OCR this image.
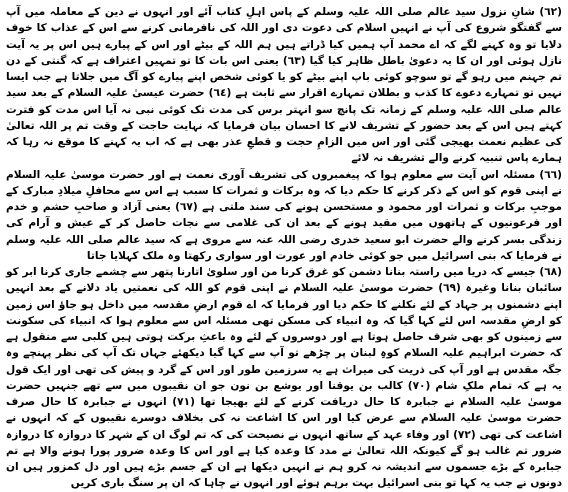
(٦٢) شانِ نزول سید عالم صلی اللہ علیہ وسلم کے پاس اہلِ کتاب آئے اور انہوں نے دین کے معاملہ میں آپ سے گفتگو شروع کی آپ نے انہیں اسلام کی دعوت دی اور اللہ کی نافرمانی کرنے سے اس کے عذاب کا خوف دلایا تو وہ کہنے لگے کہ اے محمد آپ ہمیں کیا ڈراتے ہیں ہم اللہ کے بیٹے اور اس کے پیارے ہیں اس پر یہ آیت نازل ہوئی اور ان کا یہ دعویٰ باطل ظاہر کیا گیا (٦٣) یعنی اس بات کا تو تمہیں اعتراف ہے کہ گنتی کے دن تم جہنم میں رہو گے تو سوچو کوئی باپ اپنے بیٹے کو یا کوئی شخص اپنے پیارے کو آگ میں جلاتا ہے جب ایسا نہیں تو تمہارے دعوے کا کذب و بطلان تمہارے اقرار سے ثابت ہے (٦٤) حضرت عیسیٰ علیہ السلام کے بعد سید عالم صلی اللہ علیہ وسلم کے زمانہ تک پانچ سو انہتر برس کی مدت تک کوئی نبی نہ آیا اس مدت کو فترت کہتے ہیں اس کے بعد حضور کے تشریف لانے کا احسان بیان فرمایا کہ نہایت حاجت کے وقت تم پر اللہ تعالیٰ کی عظیم نعمت بھیجی گئی اور اس میں الزامِ حجت و قطعِ عذر بھی ہے کہ اب یہ کہنے کا موقع نہ رہا کہ ہمارے پاس تنبیہ کرنے والے تشریف نہ لائے

(٦٦) مسئلہ اس آیت سے معلوم ہوا کہ پیغمبروں کی تشریف آوری نعمت ہے اور حضرت موسیٰ علیہ السلام نے اپنی قوم کو اس کے ذکر کرنے کا حکم دیا کہ وہ برکات و ثمرات کا سبب ہے اس سے محافلِ میلادِ مبارک کے موجبِ برکات و ثمرات اور محمود و مستحسن ہونے کی سند ملتی ہے (٦٧) یعنی آزاد و صاحبِ حشم و خدم اور فرعونیوں کے ہاتھوں میں مقید ہونے کے بعد ان کی غلامی سے نجات حاصل کر کے عیش و آرام کی زندگی بسر کرنے والے حضرت ابو سعید خدری رضی اللہ عنہ سے مروی ہے کہ سید عالم صلی اللہ علیہ وسلم نے فرمایا کہ بنی اسرائیل میں جو کوئی خادم اور عورت اور سواری رکھتا وہ ملک کہلایا جاتا

(٦٨) جیسے کہ دریا میں راستہ بنانا دشمن کو غرق کرنا من اور سلویٰ اتارنا پتھر سے چشمے جاری کرنا ابر کو سائبان بنانا وغیرہ (٦٩) حضرت موسیٰ علیہ السلام نے اپنی قوم کو اللہ کی نعمتیں یاد دلانے کے بعد انہیں اپنے دشمنوں پر جہاد کے لئے نکلنے کا حکم دیا اور فرمایا کہ اے قوم ارضِ مقدسہ میں داخل ہو جاؤ اس زمین کو ارضِ مقدسہ اس لئے کہا گیا کہ وہ انبیاء کی مسکن تھی مسئلہ اس سے معلوم ہوا کہ انبیاء کی سکونت سے زمینوں کو بھی شرف حاصل ہوتا ہے اور دوسروں کے لئے وہ باعثِ برکت ہوتی ہیں کلبی سے منقول ہے کہ حضرت ابراہیم علیہ السلام کوہِ لبنان پر چڑھے تو آپ سے کہا گیا دیکھئے جہاں تک آپ کی نظر پہنچے وہ جگہ مقدس ہے اور آپ کی ذریت کی میراث ہے یہ سرزمین طور اور اس کے گرد و پیش کی تھی اور ایک قول یہ ہے کہ تمام ملکِ شام (٧٠) کالب بن یوقنا اور یوشع بن نون جو ان نقیبوں میں سے تھے جنہیں حضرت موسیٰ علیہ السلام نے جبابرہ کا حال دریافت کرنے کے لئے بھیجا تھا (٧١) انہوں نے جبابرہ کا حال صرف حضرت موسیٰ علیہ السلام سے عرض کیا اور اس کا اشاعت نہ کی بخلاف دوسرے نقیبوں کے کہ انہوں نے اشاعت کی تھی (٧٢) اور وفاء عہد کے ساتھ انہوں نے نصیحت کی کہ تم لوگ ان کے شہر کا دروازہ کا دروازہ ضرور تم غالب ہو گے کیونکہ اللہ تعالیٰ نے مدد کا وعدہ کیا ہے اور اس کا وعدہ ضرور پورا ہونے والا ہے تم جبابرہ کے بڑے جسموں سے اندیشہ نہ کرو ہم نے انہیں دیکھا ہے ان کے جسم بڑے ہیں اور دل کمزور ہیں ان دونوں نے جب یہ کہا تو بنی اسرائیل بہت برہم ہوئے اور انہوں نے چاہا کہ ان پر سنگ باری کریں
